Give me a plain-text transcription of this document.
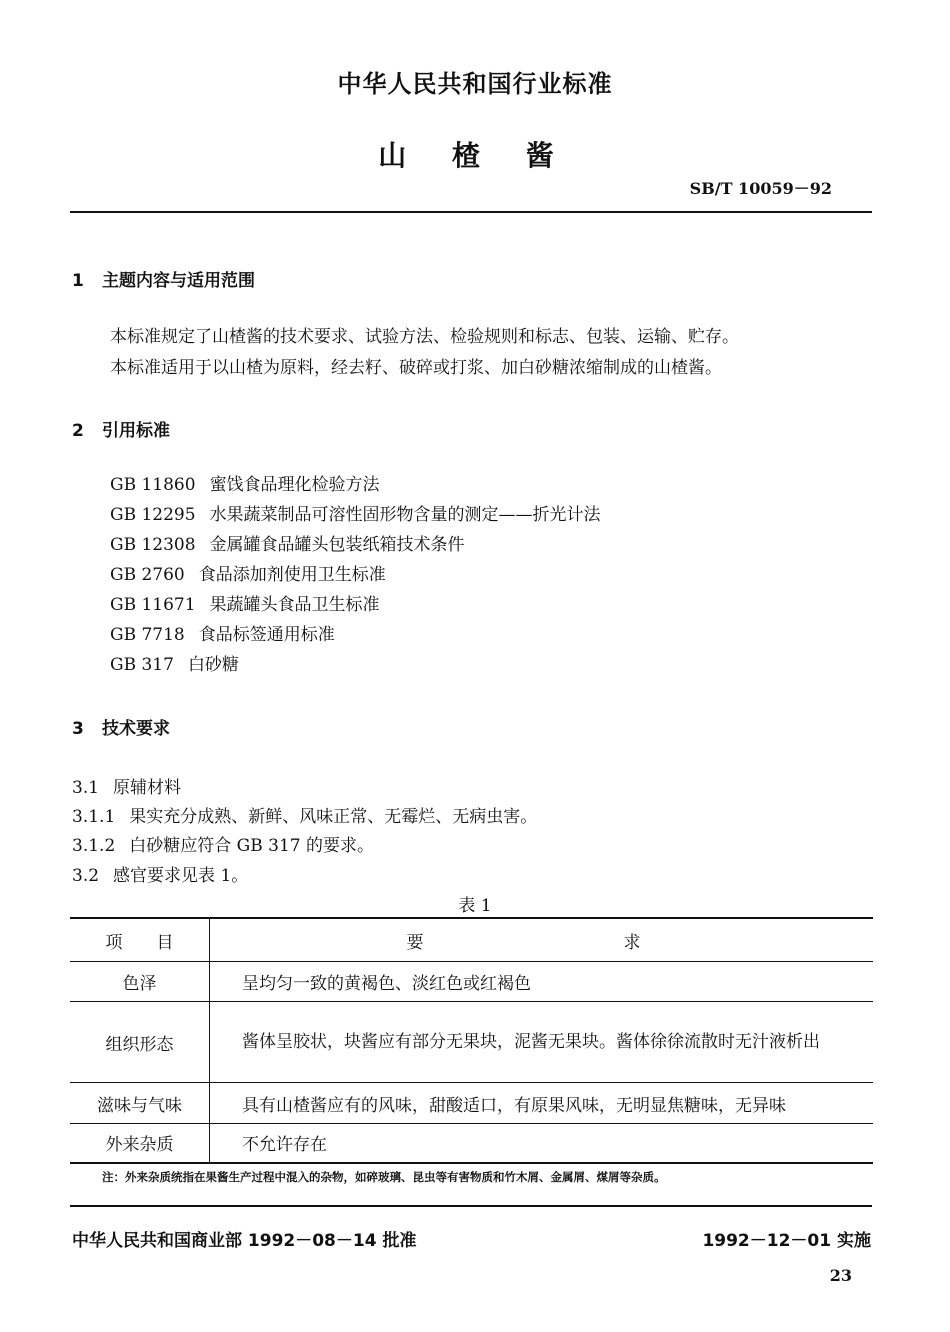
中华人民共和国行业标准
山 楂 酱
SB/T 10059－92
1 主题内容与适用范围
本标准规定了山楂酱的技术要求、试验方法、检验规则和标志、包装、运输、贮存。
本标准适用于以山楂为原料，经去籽、破碎或打浆、加白砂糖浓缩制成的山楂酱。
2 引用标准
GB 11860 蜜饯食品理化检验方法
GB 12295 水果蔬菜制品可溶性固形物含量的测定——折光计法
GB 12308 金属罐食品罐头包装纸箱技术条件
GB 2760 食品添加剂使用卫生标准
GB 11671 果蔬罐头食品卫生标准
GB 7718 食品标签通用标准
GB 317 白砂糖
3 技术要求
3.1 原辅材料
3.1.1 果实充分成熟、新鲜、风味正常、无霉烂、无病虫害。
3.1.2 白砂糖应符合 GB 317 的要求。
3.2 感官要求见表 1。
表 1
项　　目	要 求
色泽	呈均匀一致的黄褐色、淡红色或红褐色
组织形态	酱体呈胶状，块酱应有部分无果块，泥酱无果块。酱体徐徐流散时无汁液析出
滋味与气味	具有山楂酱应有的风味，甜酸适口，有原果风味，无明显焦糖味，无异味
外来杂质	不允许存在
注：外来杂质统指在果酱生产过程中混入的杂物，如碎玻璃、昆虫等有害物质和竹木屑、金属屑、煤屑等杂质。
中华人民共和国商业部 1992－08－14 批准	1992－12－01 实施
23
